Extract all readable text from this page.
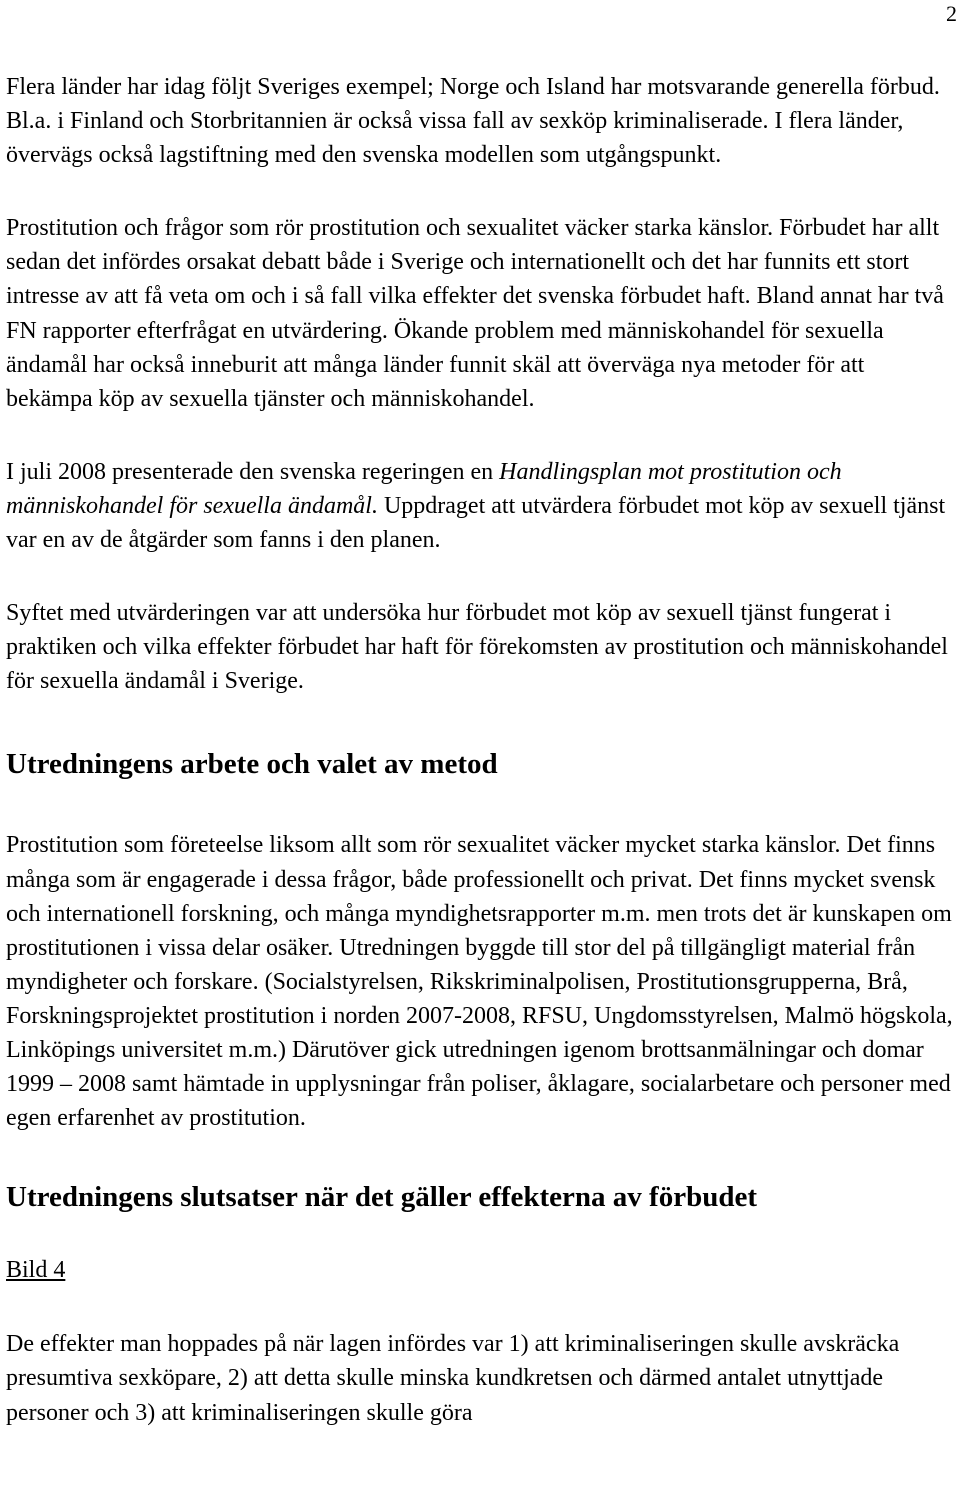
2

Flera länder har idag följt Sveriges exempel; Norge och Island har motsvarande generella förbud. Bl.a. i Finland och Storbritannien är också vissa fall av sexköp kriminaliserade. I flera länder, övervägs också lagstiftning med den svenska modellen som utgångspunkt.

Prostitution och frågor som rör prostitution och sexualitet väcker starka känslor. Förbudet har allt sedan det infördes orsakat debatt både i Sverige och internationellt och det har funnits ett stort intresse av att få veta om och i så fall vilka effekter det svenska förbudet haft. Bland annat har två FN rapporter efterfrågat en utvärdering. Ökande problem med människohandel för sexuella ändamål har också inneburit att många länder funnit skäl att överväga nya metoder för att bekämpa köp av sexuella tjänster och människohandel.

I juli 2008 presenterade den svenska regeringen en Handlingsplan mot prostitution och människohandel för sexuella ändamål. Uppdraget att utvärdera förbudet mot köp av sexuell tjänst var en av de åtgärder som fanns i den planen.

Syftet med utvärderingen var att undersöka hur förbudet mot köp av sexuell tjänst fungerat i praktiken och vilka effekter förbudet har haft för förekomsten av prostitution och människohandel för sexuella ändamål i Sverige.

Utredningens arbete och valet av metod

Prostitution som företeelse liksom allt som rör sexualitet väcker mycket starka känslor. Det finns många som är engagerade i dessa frågor, både professionellt och privat. Det finns mycket svensk och internationell forskning, och många myndighetsrapporter m.m. men trots det är kunskapen om prostitutionen i vissa delar osäker. Utredningen byggde till stor del på tillgängligt material från myndigheter och forskare. (Socialstyrelsen, Rikskriminalpolisen, Prostitutionsgrupperna, Brå, Forskningsprojektet prostitution i norden 2007-2008, RFSU, Ungdomsstyrelsen, Malmö högskola, Linköpings universitet m.m.) Därutöver gick utredningen igenom brottsanmälningar och domar 1999 – 2008 samt hämtade in upplysningar från poliser, åklagare, socialarbetare och personer med egen erfarenhet av prostitution.

Utredningens slutsatser när det gäller effekterna av förbudet

Bild 4

De effekter man hoppades på när lagen infördes var 1) att kriminaliseringen skulle avskräcka presumtiva sexköpare, 2) att detta skulle minska kundkretsen och därmed antalet utnyttjade personer och 3) att kriminaliseringen skulle göra
